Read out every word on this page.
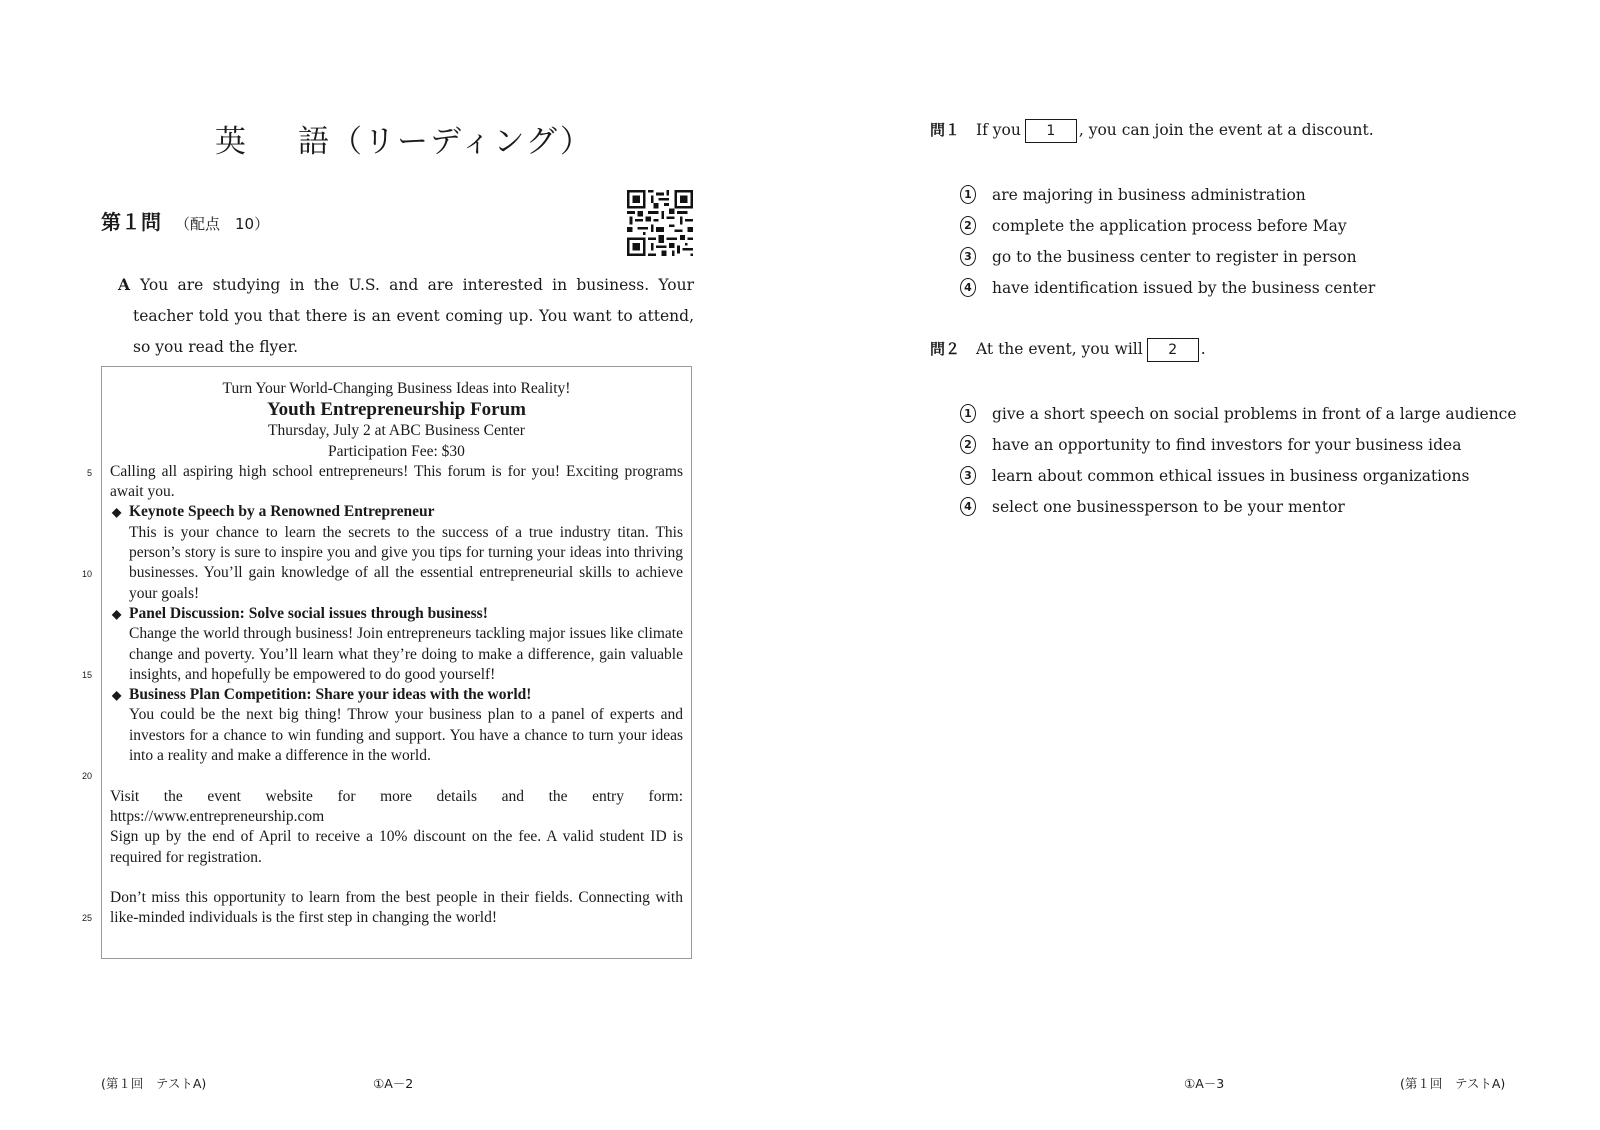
英 語（リーディング）
第１問 （配点　10）
A You are studying in the U.S. and are interested in business. Your teacher told you that there is an event coming up. You want to attend, so you read the flyer.
Turn Your World-Changing Business Ideas into Reality!
Youth Entrepreneurship Forum
Thursday, July 2 at ABC Business Center
Participation Fee: $30
Calling all aspiring high school entrepreneurs! This forum is for you! Exciting programs await you.
◆ Keynote Speech by a Renowned Entrepreneur
This is your chance to learn the secrets to the success of a true industry titan. This person’s story is sure to inspire you and give you tips for turning your ideas into thriving businesses. You’ll gain knowledge of all the essential entrepreneurial skills to achieve your goals!
◆ Panel Discussion: Solve social issues through business!
Change the world through business! Join entrepreneurs tackling major issues like climate change and poverty. You’ll learn what they’re doing to make a difference, gain valuable insights, and hopefully be empowered to do good yourself!
◆ Business Plan Competition: Share your ideas with the world!
You could be the next big thing! Throw your business plan to a panel of experts and investors for a chance to win funding and support. You have a chance to turn your ideas into a reality and make a difference in the world.
Visit the event website for more details and the entry form: https://www.entrepreneurship.com
Sign up by the end of April to receive a 10% discount on the fee. A valid student ID is required for registration.
Don’t miss this opportunity to learn from the best people in their fields. Connecting with like-minded individuals is the first step in changing the world!
5
10
15
20
25
(第１回　テストA)	①A－2
問１ If you 1 , you can join the event at a discount.
1 are majoring in business administration
2 complete the application process before May
3 go to the business center to register in person
4 have identification issued by the business center
問２ At the event, you will 2 .
1 give a short speech on social problems in front of a large audience
2 have an opportunity to find investors for your business idea
3 learn about common ethical issues in business organizations
4 select one businessperson to be your mentor
①A－3	(第１回　テストA)
